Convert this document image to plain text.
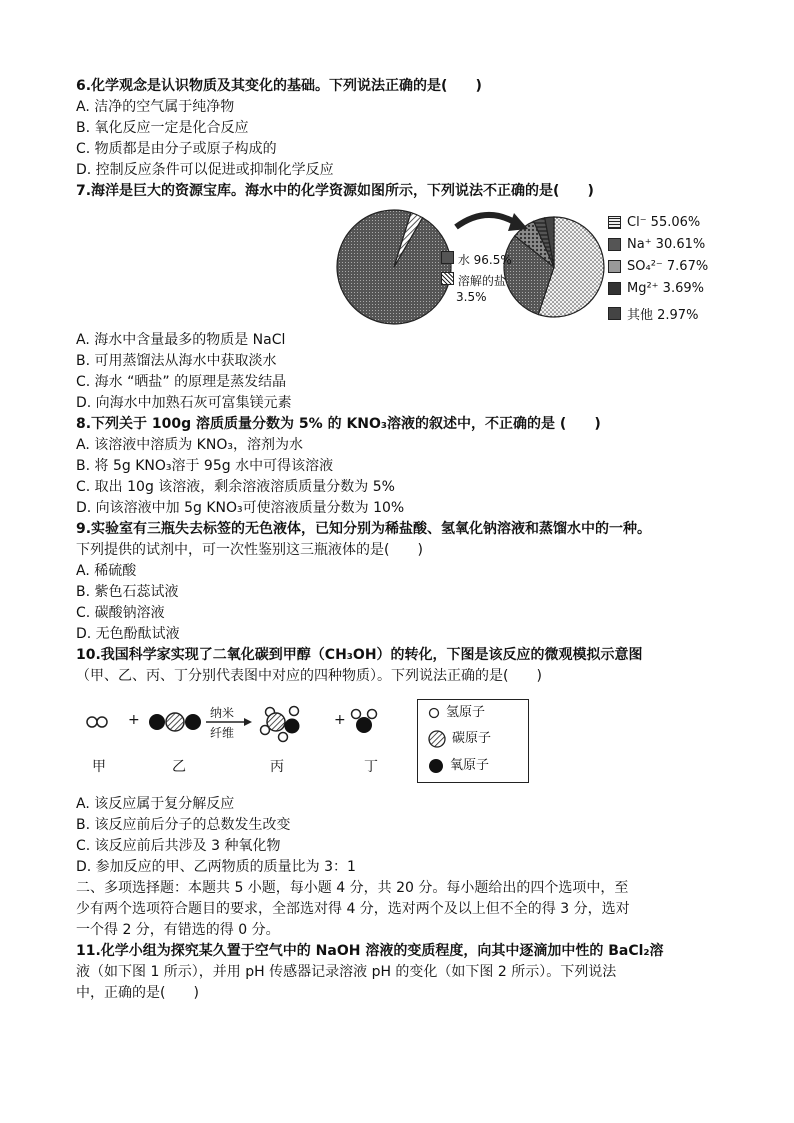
6.化学观念是认识物质及其变化的基础。下列说法正确的是(　　)
A. 洁净的空气属于纯净物
B. 氧化反应一定是化合反应
C. 物质都是由分子或原子构成的
D. 控制反应条件可以促进或抑制化学反应
7.海洋是巨大的资源宝库。海水中的化学资源如图所示，下列说法不正确的是(　　)
水 96.5%
溶解的盐
3.5%
Cl⁻ 55.06%
Na⁺ 30.61%
SO₄²⁻ 7.67%
Mg²⁺ 3.69%
其他 2.97%
A. 海水中含量最多的物质是 NaCl
B. 可用蒸馏法从海水中获取淡水
C. 海水 “晒盐” 的原理是蒸发结晶
D. 向海水中加熟石灰可富集镁元素
8.下列关于 100g 溶质质量分数为 5% 的 KNO₃溶液的叙述中，不正确的是 (　　)
A. 该溶液中溶质为 KNO₃，溶剂为水
B. 将 5g KNO₃溶于 95g 水中可得该溶液
C. 取出 10g 该溶液，剩余溶液溶质质量分数为 5%
D. 向该溶液中加 5g KNO₃可使溶液质量分数为 10%
9.实验室有三瓶失去标签的无色液体，已知分别为稀盐酸、氢氧化钠溶液和蒸馏水中的一种。
下列提供的试剂中，可一次性鉴别这三瓶液体的是(　　)
A. 稀硫酸
B. 紫色石蕊试液
C. 碳酸钠溶液
D. 无色酚酞试液
10.我国科学家实现了二氧化碳到甲醇（CH₃OH）的转化，下图是该反应的微观模拟示意图
（甲、乙、丙、丁分别代表图中对应的四种物质）。下列说法正确的是(　　)
+	+
纳米
纤维
甲	乙	丙	丁
氢原子
碳原子
氧原子
A. 该反应属于复分解反应
B. 该反应前后分子的总数发生改变
C. 该反应前后共涉及 3 种氧化物
D. 参加反应的甲、乙两物质的质量比为 3：1
二、多项选择题：本题共 5 小题，每小题 4 分，共 20 分。每小题给出的四个选项中，至
少有两个选项符合题目的要求，全部选对得 4 分，选对两个及以上但不全的得 3 分，选对
一个得 2 分，有错选的得 0 分。
11.化学小组为探究某久置于空气中的 NaOH 溶液的变质程度，向其中逐滴加中性的 BaCl₂溶
液（如下图 1 所示），并用 pH 传感器记录溶液 pH 的变化（如下图 2 所示）。下列说法
中，正确的是(　　)
